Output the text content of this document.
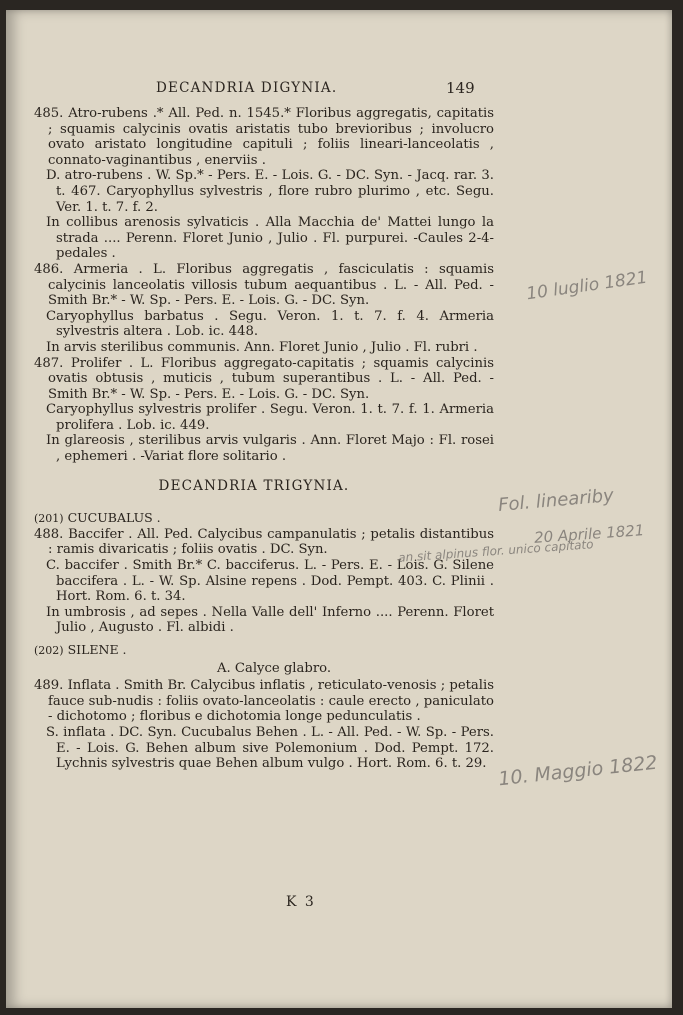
DECANDRIA DIGYNIA.	149

485. Atro-rubens .* All. Ped. n. 1545.* Floribus aggregatis, capitatis ; squamis calycinis ovatis aristatis tubo brevioribus ; involucro ovato aristato longitudine capituli ; foliis lineari-lanceolatis , connato-vaginantibus , enerviis .

D. atro-rubens . W. Sp.* - Pers. E. - Lois. G. - DC. Syn. - Jacq. rar. 3. t. 467. Caryophyllus sylvestris , flore rubro plurimo , etc. Segu. Ver. 1. t. 7. f. 2.

In collibus arenosis sylvaticis . Alla Macchia de' Mattei lungo la strada .... Perenn. Floret Junio , Julio . Fl. purpurei. -Caules 2-4-pedales .

486. Armeria . L. Floribus aggregatis , fasciculatis : squamis calycinis lanceolatis villosis tubum aequantibus . L. - All. Ped. - Smith Br.* - W. Sp. - Pers. E. - Lois. G. - DC. Syn.

Caryophyllus barbatus . Segu. Veron. 1. t. 7. f. 4. Armeria sylvestris altera . Lob. ic. 448.

In arvis sterilibus communis. Ann. Floret Junio , Julio . Fl. rubri .

487. Prolifer . L. Floribus aggregato-capitatis ; squamis calycinis ovatis obtusis , muticis , tubum superantibus . L. - All. Ped. - Smith Br.* - W. Sp. - Pers. E. - Lois. G. - DC. Syn.

Caryophyllus sylvestris prolifer . Segu. Veron. 1. t. 7. f. 1. Armeria prolifera . Lob. ic. 449.

In glareosis , sterilibus arvis vulgaris . Ann. Floret Majo : Fl. rosei , ephemeri . -Variat flore solitario .

DECANDRIA TRIGYNIA.
(201) CUCUBALUS .

488. Baccifer . All. Ped. Calycibus campanulatis ; petalis distantibus : ramis divaricatis ; foliis ovatis . DC. Syn.

C. baccifer . Smith Br.* C. bacciferus. L. - Pers. E. - Lois. G. Silene baccifera . L. - W. Sp. Alsine repens . Dod. Pempt. 403. C. Plinii . Hort. Rom. 6. t. 34.

In umbrosis , ad sepes . Nella Valle dell' Inferno .... Perenn. Floret Julio , Augusto . Fl. albidi .

(202) SILENE .
A. Calyce glabro.

489. Inflata . Smith Br. Calycibus inflatis , reticulato-venosis ; petalis fauce sub-nudis : foliis ovato-lanceolatis : caule erecto , paniculato - dichotomo ; floribus e dichotomia longe pedunculatis .

S. inflata . DC. Syn. Cucubalus Behen . L. - All. Ped. - W. Sp. - Pers. E. - Lois. G. Behen album sive Polemonium . Dod. Pempt. 172. Lychnis sylvestris quae Behen album vulgo . Hort. Rom. 6. t. 29.

K 3
10 luglio 1821
Fol. lineariby
20 Aprile 1821
an sit alpinus flor. unico capitato
10. Maggio 1822
